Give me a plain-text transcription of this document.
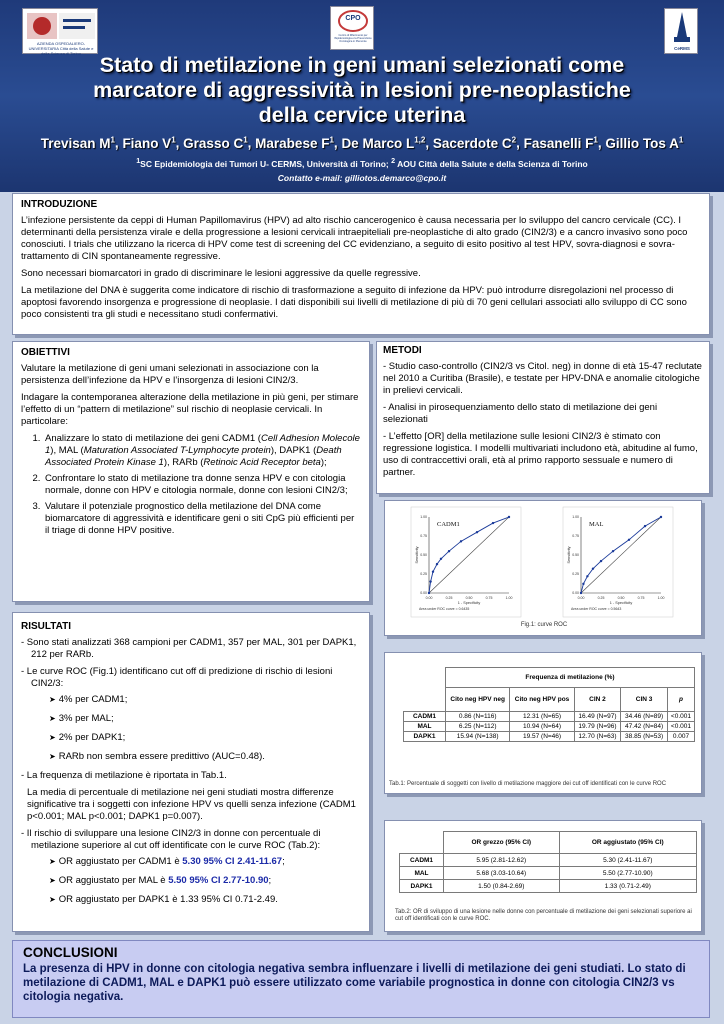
AZIENDA OSPEDALIERO-UNIVERSITARIA Città della Salute e della Scienza di Torino
CPO
Centro di Riferimento per l'Epidemiologia e la Prevenzione Oncologica in Piemonte
CeRMS
Stato di metilazione in geni umani selezionati come
marcatore di aggressività in lesioni pre-neoplastiche
della cervice uterina
Trevisan $M^1$, Fiano $V^1$, Grasso $C^1$, Marabese $F^1$, De Marco L$^{1,2}$, Sacerdote $C^2$, Fasanelli $F^1$, Gillio Tos $A^1$
$^1$SC Epidemiologia dei Tumori U- CERMS, Università di Torino; $^2$ AOU Città della Salute e della Scienza di Torino
Contatto e-mail: gilliotos.demarco@cpo.it
INTRODUZIONE
L’infezione persistente da ceppi di Human Papillomavirus (HPV) ad alto rischio cancerogenico è causa necessaria per lo sviluppo del cancro cervicale (CC). I determinanti della persistenza virale e della progressione a lesioni cervicali intraepiteliali pre-neoplastiche di alto grado (CIN2/3) e a cancro invasivo sono poco conosciuti. I trials che utilizzano la ricerca di HPV come test di screening del CC evidenziano, a seguito di esito positivo al test HPV, sovra-diagnosi e sovra-trattamento di CIN spontaneamente regressive.
Sono necessari biomarcatori in grado di discriminare le lesioni aggressive da quelle regressive.
La metilazione del DNA è suggerita come indicatore di rischio di trasformazione a seguito di infezione da HPV: può introdurre disregolazioni nel processo di apoptosi favorendo insorgenza e progressione di neoplasie. I dati disponibili sui livelli di metilazione di più di 70 geni cellulari associati allo sviluppo di CC sono poco consistenti tra gli studi e necessitano studi confermativi.
OBIETTIVI
Valutare la metilazione di geni umani selezionati in associazione con la persistenza dell’infezione da HPV e l’insorgenza di lesioni CIN2/3.
Indagare la contemporanea alterazione della metilazione in più geni, per stimare l’effetto di un “pattern di metilazione” sul rischio di neoplasie cervicali. In particolare:
1. Analizzare lo stato di metilazione dei geni CADM1 (Cell Adhesion Molecole 1), MAL (Maturation Associated T-Lymphocyte protein), DAPK1 (Death Associated Protein Kinase 1), RARb (Retinoic Acid Receptor beta);
2. Confrontare lo stato di metilazione tra donne senza HPV e con citologia normale, donne con HPV e citologia normale, donne con lesioni CIN2/3;
3. Valutare il potenziale prognostico della metilazione del DNA come biomarcatore di aggressività e identificare geni o siti CpG più efficienti per il triage di donne HPV positive.
METODI
- Studio caso-controllo (CIN2/3 vs Citol. neg) in donne di età 15-47 reclutate nel 2010 a Curitiba (Brasile), e testate per HPV-DNA e anomalie citologiche in prelievi cervicali.
- Analisi in pirosequenziamento dello stato di metilazione dei geni selezionati
- L’effetto [OR] della metilazione sulle lesioni CIN2/3 è stimato con regressione logistica. I modelli multivariati includono età, abitudine al fumo, uso di contraccettivi orali, età al primo rapporto sessuale e numero di partner.
0.00
0.00
0.25
0.25
0.50
0.50
0.75
0.75
1.00
1.00
CADM1
1 - Specificity
Sensitivity
Area under ROC curve = 0.6435
0.00
0.00
0.25
0.25
0.50
0.50
0.75
0.75
1.00
1.00
MAL
1 - Specificity
Sensitivity
Area under ROC curve = 0.5643
Fig.1: curve ROC
RISULTATI
- Sono stati analizzati 368 campioni per CADM1, 357 per MAL, 301 per DAPK1, 212 per RARb.
- Le curve ROC (Fig.1) identificano cut off di predizione di rischio di lesioni CIN2/3:
➤ 4% per CADM1;
➤ 3% per MAL;
➤ 2% per DAPK1;
➤ RARb non sembra essere predittivo (AUC=0.48).
- La frequenza di metilazione è riportata in Tab.1.
La media di percentuale di metilazione nei geni studiati mostra differenze significative tra i soggetti con infezione HPV vs quelli senza infezione (CADM1 p<0.001; MAL p<0.001; DAPK1 p=0.007).
- Il rischio di sviluppare una lesione CIN2/3 in donne con percentuale di metilazione superiore al cut off identificate con le curve ROC (Tab.2):
➤ OR aggiustato per CADM1 è 5.30 95% CI 2.41-11.67;
➤ OR aggiustato per MAL è 5.50 95% CI 2.77-10.90;
➤ OR aggiustato per DAPK1 è 1.33 95% CI 0.71-2.49.
	Frequenza di metilazione (%)				
	Cito neg HPV neg	Cito neg HPV pos	CIN 2	CIN 3	p
CADM1	0.86 (N=116)	12.31 (N=65)	16.49 (N=97)	34.46 (N=89)	<0.001
MAL	6.25 (N=112)	10.94 (N=64)	19.79 (N=96)	47.42 (N=84)	<0.001
DAPK1	15.94 (N=138)	19.57 (N=46)	12.70 (N=63)	38.85 (N=53)	0.007
Tab.1: Percentuale di soggetti con livello di metilazione maggiore dei cut off identificati con le curve ROC
	OR grezzo (95% CI)	OR aggiustato (95% CI)
CADM1	5.95 (2.81-12.62)	5.30 (2.41-11.67)
MAL	5.68 (3.03-10.64)	5.50 (2.77-10.90)
DAPK1	1.50 (0.84-2.69)	1.33 (0.71-2.49)
Tab.2: OR di sviluppo di una lesione nelle donne con percentuale di metilazione dei geni selezionati superiore ai cut off identificati con le curve ROC.
CONCLUSIONI
La presenza di HPV in donne con citologia negativa sembra influenzare i livelli di metilazione dei geni studiati. Lo stato di metilazione di CADM1, MAL e DAPK1 può essere utilizzato come variabile prognostica in donne con citologia CIN2/3 vs citologia negativa.
